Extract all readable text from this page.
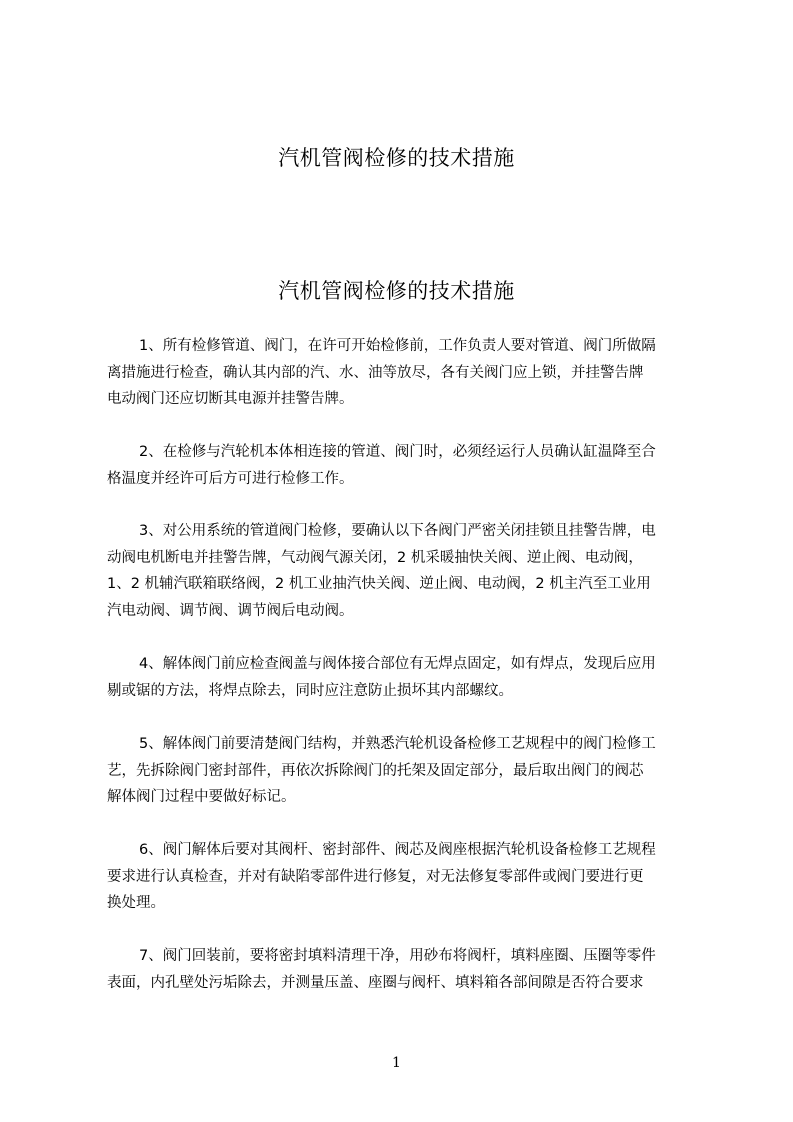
汽机管阀检修的技术措施
汽机管阀检修的技术措施
1、所有检修管道、阀门，在许可开始检修前，工作负责人要对管道、阀门所做隔
离措施进行检查，确认其内部的汽、水、油等放尽，各有关阀门应上锁，并挂警告牌
电动阀门还应切断其电源并挂警告牌。
2、在检修与汽轮机本体相连接的管道、阀门时，必须经运行人员确认缸温降至合
格温度并经许可后方可进行检修工作。
3、对公用系统的管道阀门检修，要确认以下各阀门严密关闭挂锁且挂警告牌，电
动阀电机断电并挂警告牌，气动阀气源关闭，2 机采暖抽快关阀、逆止阀、电动阀，
1、2 机辅汽联箱联络阀，2 机工业抽汽快关阀、逆止阀、电动阀，2 机主汽至工业用
汽电动阀、调节阀、调节阀后电动阀。
4、解体阀门前应检查阀盖与阀体接合部位有无焊点固定，如有焊点，发现后应用
剔或锯的方法，将焊点除去，同时应注意防止损坏其内部螺纹。
5、解体阀门前要清楚阀门结构，并熟悉汽轮机设备检修工艺规程中的阀门检修工
艺，先拆除阀门密封部件，再依次拆除阀门的托架及固定部分，最后取出阀门的阀芯
解体阀门过程中要做好标记。
6、阀门解体后要对其阀杆、密封部件、阀芯及阀座根据汽轮机设备检修工艺规程
要求进行认真检查，并对有缺陷零部件进行修复，对无法修复零部件或阀门要进行更
换处理。
7、阀门回装前，要将密封填料清理干净，用砂布将阀杆，填料座圈、压圈等零件
表面，内孔壁处污垢除去，并测量压盖、座圈与阀杆、填料箱各部间隙是否符合要求
1
